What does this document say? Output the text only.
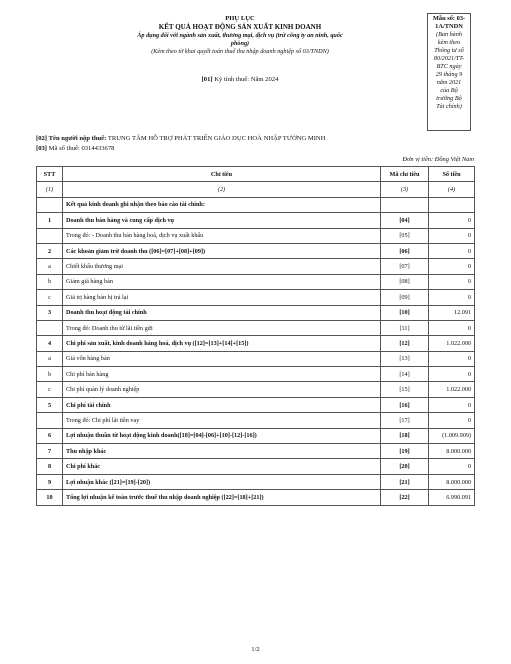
PHỤ LỤC
KẾT QUẢ HOẠT ĐỘNG SẢN XUẤT KINH DOANH
Áp dụng đối với ngành sản xuất, thương mại, dịch vụ (trừ công ty an ninh, quốc
phòng)
(Kèm theo tờ khai quyết toán thuế thu nhập doanh nghiệp số 03/TNDN)
[01] Kỳ tính thuế: Năm 2024
Mẫu số: 03-
1A/TNDN
(Ban hành
kèm theo
Thông tư số
80/2021/TT-
BTC ngày
29 tháng 9
năm 2021
của Bộ
trưởng Bộ
Tài chính)
[02] Tên người nộp thuế: TRUNG TÂM HỖ TRỢ PHÁT TRIỂN GIÁO DỤC HOÀ NHẬP TƯỜNG MINH
[03] Mã số thuế: 0314433678
Đơn vị tiền: Đồng Việt Nam
STT	Chỉ tiêu	Mã chỉ tiêu	Số tiền
(1)	(2)	(3)	(4)
	Kết quả kinh doanh ghi nhận theo báo cáo tài chính:		
1	Doanh thu bán hàng và cung cấp dịch vụ	[04]	0
	Trong đó: - Doanh thu bán hàng hoá, dịch vụ xuất khẩu	[05]	0
2	Các khoản giảm trừ doanh thu ([06]=[07]+[08]+[09])	[06]	0
a	Chiết khấu thương mại	[07]	0
b	Giảm giá hàng bán	[08]	0
c	Giá trị hàng bán bị trả lại	[09]	0
3	Doanh thu hoạt động tài chính	[10]	12.091
	Trong đó: Doanh thu từ lãi tiền gửi	[11]	0
4	Chi phí sản xuất, kinh doanh hàng hoá, dịch vụ ([12]=[13]+[14]+[15])	[12]	1.022.000
a	Giá vốn hàng bán	[13]	0
b	Chi phí bán hàng	[14]	0
c	Chi phí quản lý doanh nghiệp	[15]	1.022.000
5	Chi phí tài chính	[16]	0
	Trong đó: Chi phí lãi tiền vay	[17]	0
6	Lợi nhuận thuần từ hoạt động kinh doanh([18]=[04]-[06]+[10]-[12]-[16])	[18]	(1.009.909)
7	Thu nhập khác	[19]	8.000.000
8	Chi phí khác	[20]	0
9	Lợi nhuận khác ([21]=[19]-[20])	[21]	8.000.000
10	Tổng lợi nhuận kế toán trước thuế thu nhập doanh nghiệp ([22]=[18]+[21])	[22]	6.990.091
1/2
